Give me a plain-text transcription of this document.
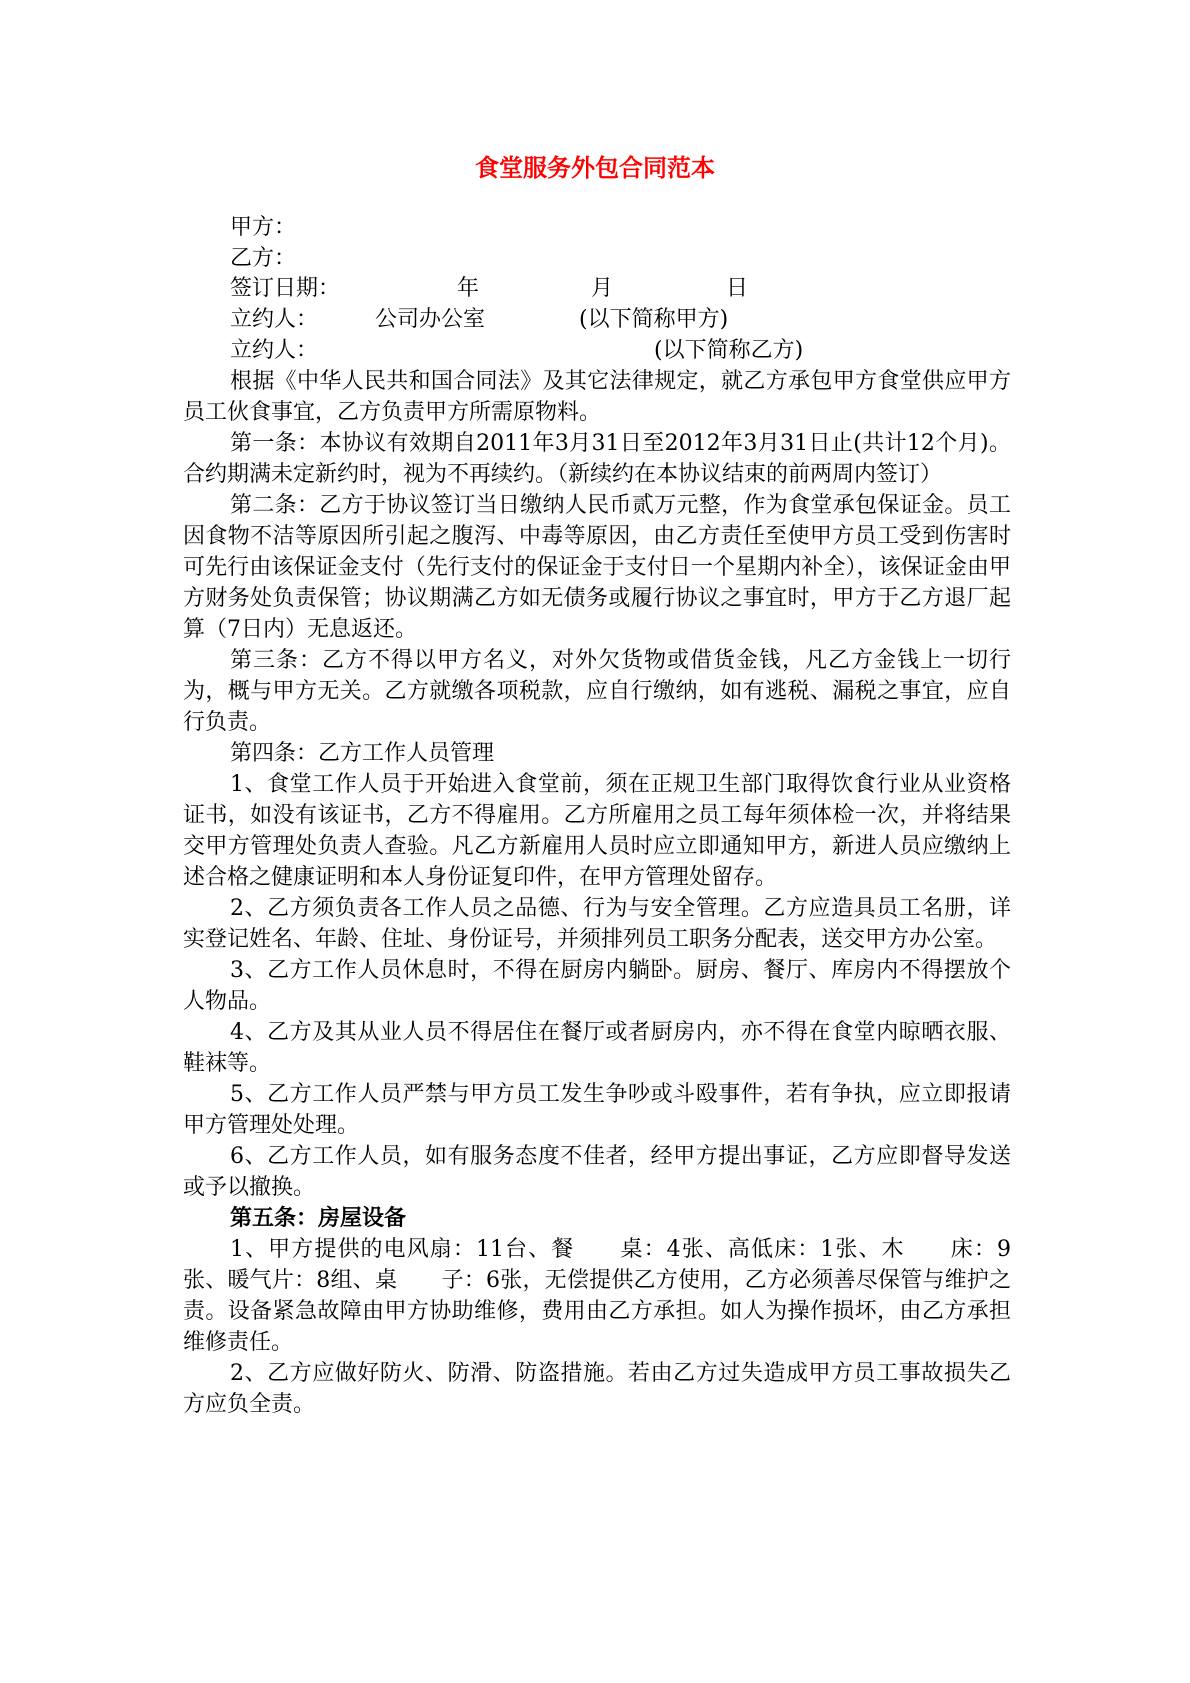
食堂服务外包合同范本
甲方：
乙方：
签订日期：	年	月	日
立约人：	公司办公室	(以下简称甲方)
立约人：	(以下简称乙方)

根据《中华人民共和国合同法》及其它法律规定，就乙方承包甲方食堂供应甲方员工伙食事宜，乙方负责甲方所需原物料。

第一条：本协议有效期自2011年3月31日至2012年3月31日止(共计12个月)。合约期满未定新约时，视为不再续约。（新续约在本协议结束的前两周内签订）

第二条：乙方于协议签订当日缴纳人民币贰万元整，作为食堂承包保证金。员工因食物不洁等原因所引起之腹泻、中毒等原因，由乙方责任至使甲方员工受到伤害时可先行由该保证金支付（先行支付的保证金于支付日一个星期内补全），该保证金由甲方财务处负责保管；协议期满乙方如无债务或履行协议之事宜时，甲方于乙方退厂起算（7日内）无息返还。

第三条：乙方不得以甲方名义，对外欠货物或借货金钱，凡乙方金钱上一切行为，概与甲方无关。乙方就缴各项税款，应自行缴纳，如有逃税、漏税之事宜，应自行负责。

第四条：乙方工作人员管理

1、食堂工作人员于开始进入食堂前，须在正规卫生部门取得饮食行业从业资格证书，如没有该证书，乙方不得雇用。乙方所雇用之员工每年须体检一次，并将结果交甲方管理处负责人查验。凡乙方新雇用人员时应立即通知甲方，新进人员应缴纳上述合格之健康证明和本人身份证复印件，在甲方管理处留存。

2、乙方须负责各工作人员之品德、行为与安全管理。乙方应造具员工名册，详实登记姓名、年龄、住址、身份证号，并须排列员工职务分配表，送交甲方办公室。

3、乙方工作人员休息时，不得在厨房内躺卧。厨房、餐厅、库房内不得摆放个人物品。

4、乙方及其从业人员不得居住在餐厅或者厨房内，亦不得在食堂内晾晒衣服、鞋袜等。

5、乙方工作人员严禁与甲方员工发生争吵或斗殴事件，若有争执，应立即报请甲方管理处处理。

6、乙方工作人员，如有服务态度不佳者，经甲方提出事证，乙方应即督导发送或予以撤换。

第五条：房屋设备

1、甲方提供的电风扇：11台、餐　　桌：4张、高低床：1张、木　　床：9张、暖气片：8组、桌　　子：6张，无偿提供乙方使用，乙方必须善尽保管与维护之责。设备紧急故障由甲方协助维修，费用由乙方承担。如人为操作损坏，由乙方承担维修责任。

2、乙方应做好防火、防滑、防盗措施。若由乙方过失造成甲方员工事故损失乙方应负全责。
